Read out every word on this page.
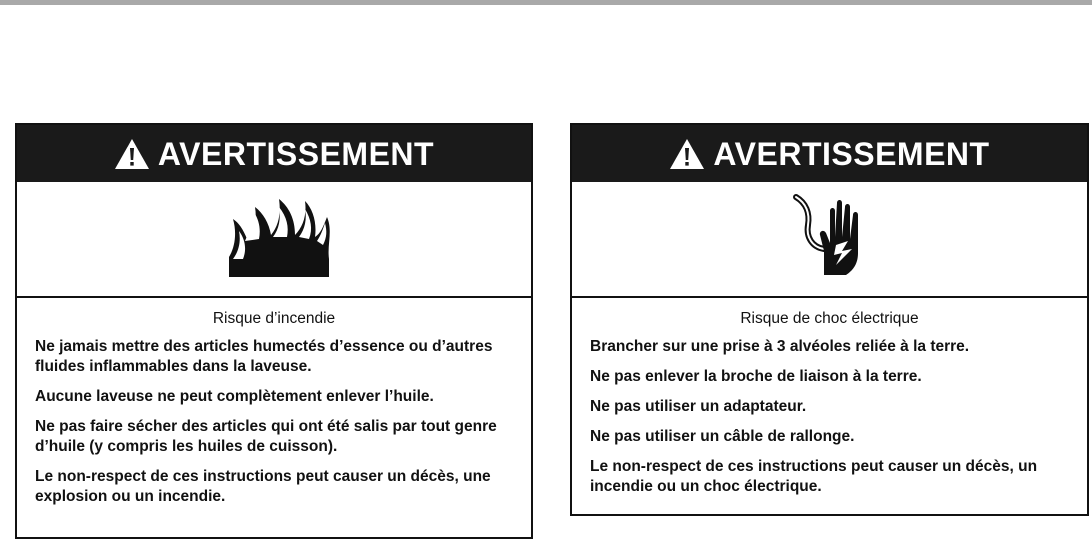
AVERTISSEMENT
Risque d’incendie
Ne jamais mettre des articles humectés d’essence ou d’autres fluides inflammables dans la laveuse.
Aucune laveuse ne peut complètement enlever l’huile.
Ne pas faire sécher des articles qui ont été salis par tout genre d’huile (y compris les huiles de cuisson).
Le non-respect de ces instructions peut causer un décès, une explosion ou un incendie.
AVERTISSEMENT
Risque de choc électrique
Brancher sur une prise à 3 alvéoles reliée à la terre.
Ne pas enlever la broche de liaison à la terre.
Ne pas utiliser un adaptateur.
Ne pas utiliser un câble de rallonge.
Le non-respect de ces instructions peut causer un décès, un incendie ou un choc électrique.
